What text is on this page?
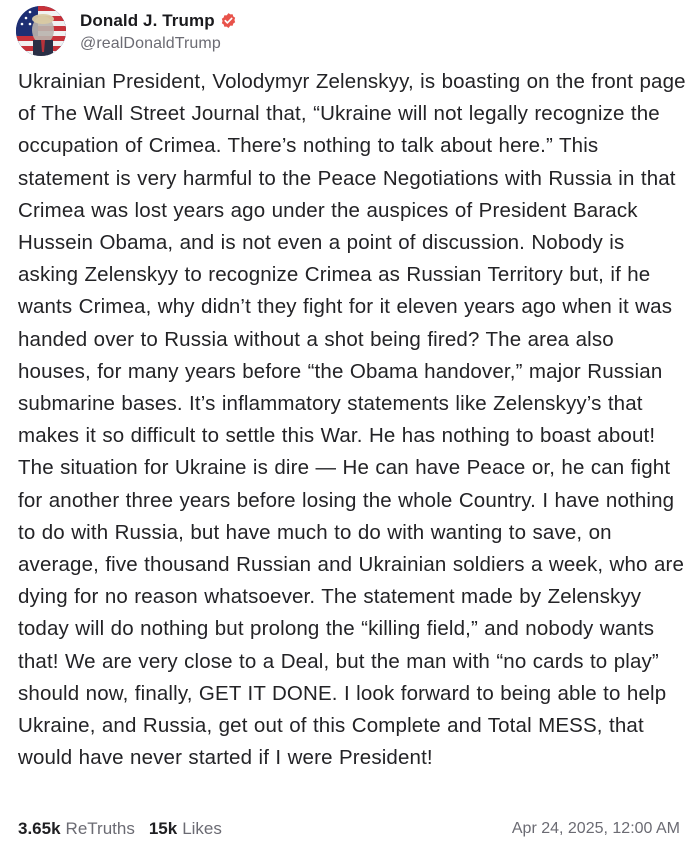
Donald J. Trump
@realDonaldTrump
Ukrainian President, Volodymyr Zelenskyy, is boasting on the front page of The Wall Street Journal that, “Ukraine will not legally recognize the occupation of Crimea. There’s nothing to talk about here.” This statement is very harmful to the Peace Negotiations with Russia in that Crimea was lost years ago under the auspices of President Barack Hussein Obama, and is not even a point of discussion. Nobody is asking Zelenskyy to recognize Crimea as Russian Territory but, if he wants Crimea, why didn’t they fight for it eleven years ago when it was handed over to Russia without a shot being fired? The area also houses, for many years before “the Obama handover,” major Russian submarine bases. It’s inflammatory statements like Zelenskyy’s that makes it so difficult to settle this War. He has nothing to boast about! The situation for Ukraine is dire — He can have Peace or, he can fight for another three years before losing the whole Country. I have nothing to do with Russia, but have much to do with wanting to save, on average, five thousand Russian and Ukrainian soldiers a week, who are dying for no reason whatsoever. The statement made by Zelenskyy today will do nothing but prolong the “killing field,” and nobody wants that! We are very close to a Deal, but the man with “no cards to play” should now, finally, GET IT DONE. I look forward to being able to help Ukraine, and Russia, get out of this Complete and Total MESS, that would have never started if I were President!
3.65k ReTruths 15k Likes	Apr 24, 2025, 12:00 AM
